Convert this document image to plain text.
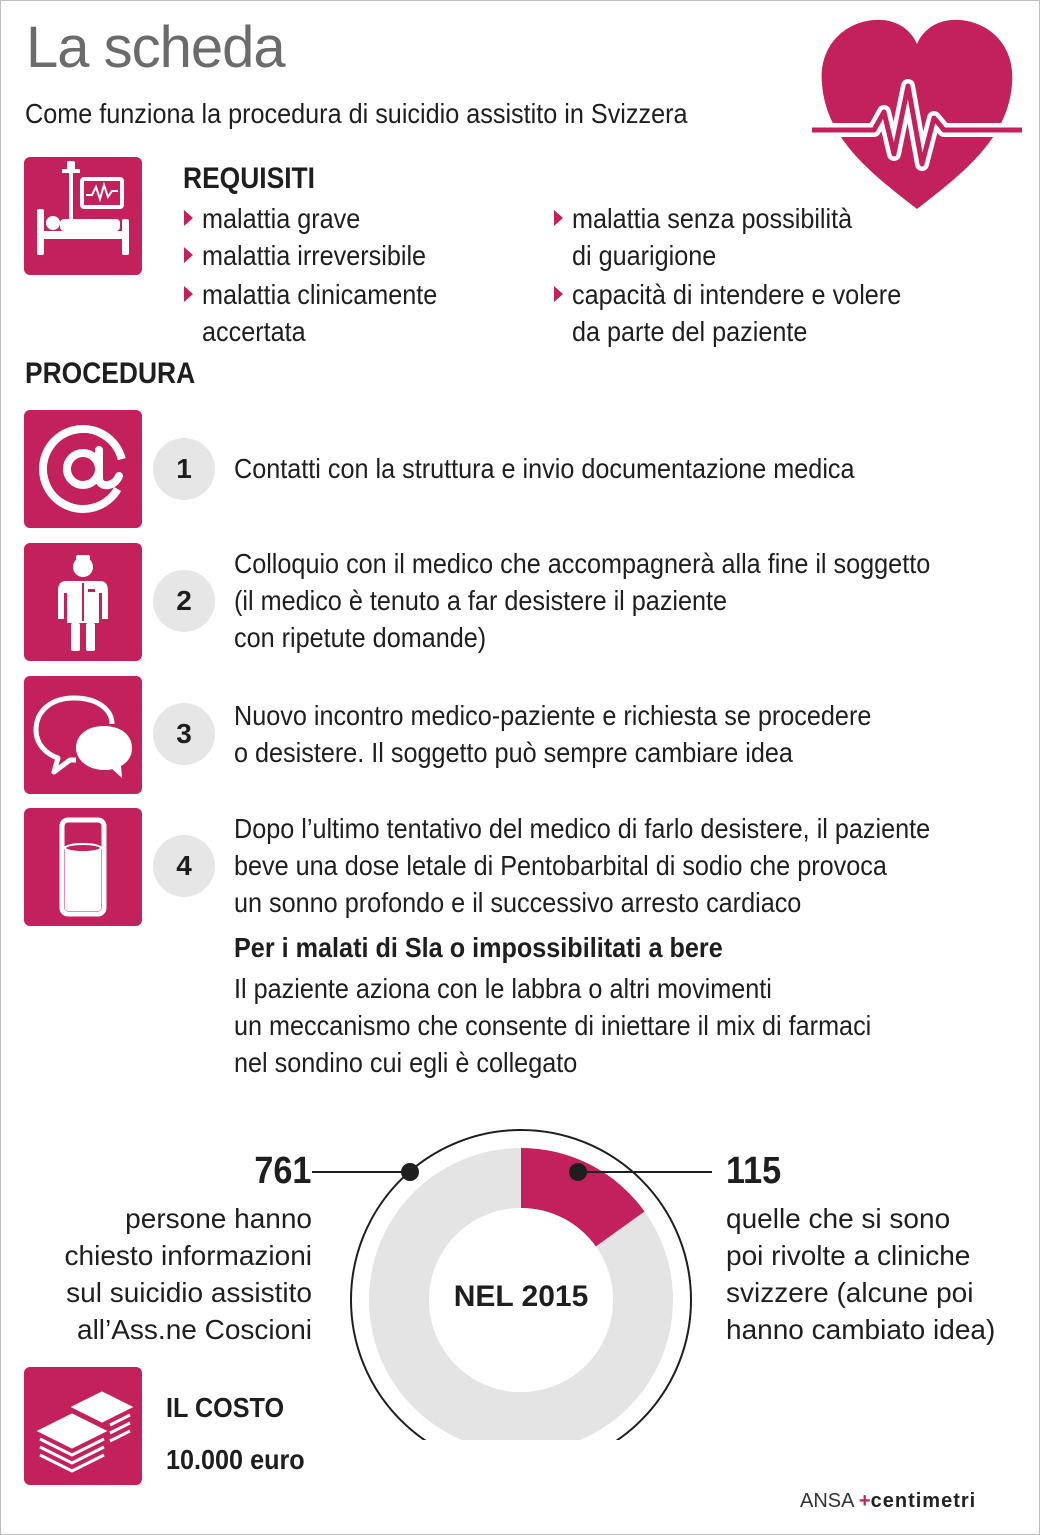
La scheda
Come funziona la procedura di suicidio assistito in Svizzera
REQUISITI
malattia grave
malattia irreversibile
malattia clinicamente
accertata
malattia senza possibilità
di guarigione
capacità di intendere e volere
da parte del paziente
PROCEDURA
1	Contatti con la struttura e invio documentazione medica
2
Colloquio con il medico che accompagnerà alla fine il soggetto
(il medico è tenuto a far desistere il paziente
con ripetute domande)
3
Nuovo incontro medico-paziente e richiesta se procedere
o desistere. Il soggetto può sempre cambiare idea
4
Dopo l’ultimo tentativo del medico di farlo desistere, il paziente
beve una dose letale di Pentobarbital di sodio che provoca
un sonno profondo e il successivo arresto cardiaco
Per i malati di Sla o impossibilitati a bere
Il paziente aziona con le labbra o altri movimenti
un meccanismo che consente di iniettare il mix di farmaci
nel sondino cui egli è collegato
NEL 2015
761
persone hanno
chiesto informazioni
sul suicidio assistito
all’Ass.ne Coscioni
115
quelle che si sono
poi rivolte a cliniche
svizzere (alcune poi
hanno cambiato idea)
IL COSTO
10.000 euro
ANSA +centimetri
